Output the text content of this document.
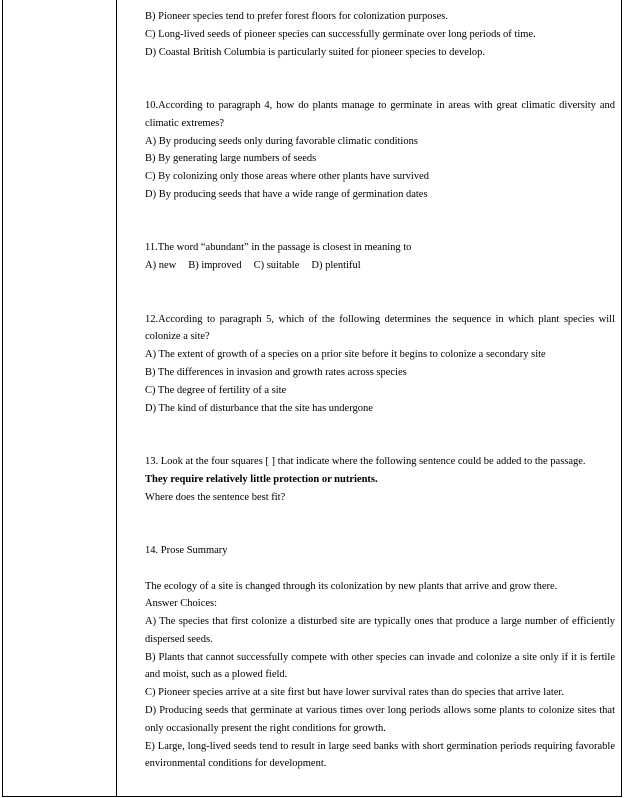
B) Pioneer species tend to prefer forest floors for colonization purposes.

C) Long-lived seeds of pioneer species can successfully germinate over long periods of time.

D) Coastal British Columbia is particularly suited for pioneer species to develop.

10.According to paragraph 4, how do plants manage to germinate in areas with great climatic diversity and climatic extremes?

A) By producing seeds only during favorable climatic conditions

B) By generating large numbers of seeds

C) By colonizing only those areas where other plants have survived

D) By producing seeds that have a wide range of germination dates

11.The word “abundant” in the passage is closest in meaning to

A) new B) improved C) suitable D) plentiful

12.According to paragraph 5, which of the following determines the sequence in which plant species will colonize a site?

A) The extent of growth of a species on a prior site before it begins to colonize a secondary site

B) The differences in invasion and growth rates across species

C) The degree of fertility of a site

D) The kind of disturbance that the site has undergone

13. Look at the four squares [ ] that indicate where the following sentence could be added to the passage.

They require relatively little protection or nutrients.

Where does the sentence best fit?

14. Prose Summary

The ecology of a site is changed through its colonization by new plants that arrive and grow there.

Answer Choices:

A) The species that first colonize a disturbed site are typically ones that produce a large number of efficiently dispersed seeds.

B) Plants that cannot successfully compete with other species can invade and colonize a site only if it is fertile and moist, such as a plowed field.

C) Pioneer species arrive at a site first but have lower survival rates than do species that arrive later.

D) Producing seeds that germinate at various times over long periods allows some plants to colonize sites that only occasionally present the right conditions for growth.

E) Large, long-lived seeds tend to result in large seed banks with short germination periods requiring favorable environmental conditions for development.
